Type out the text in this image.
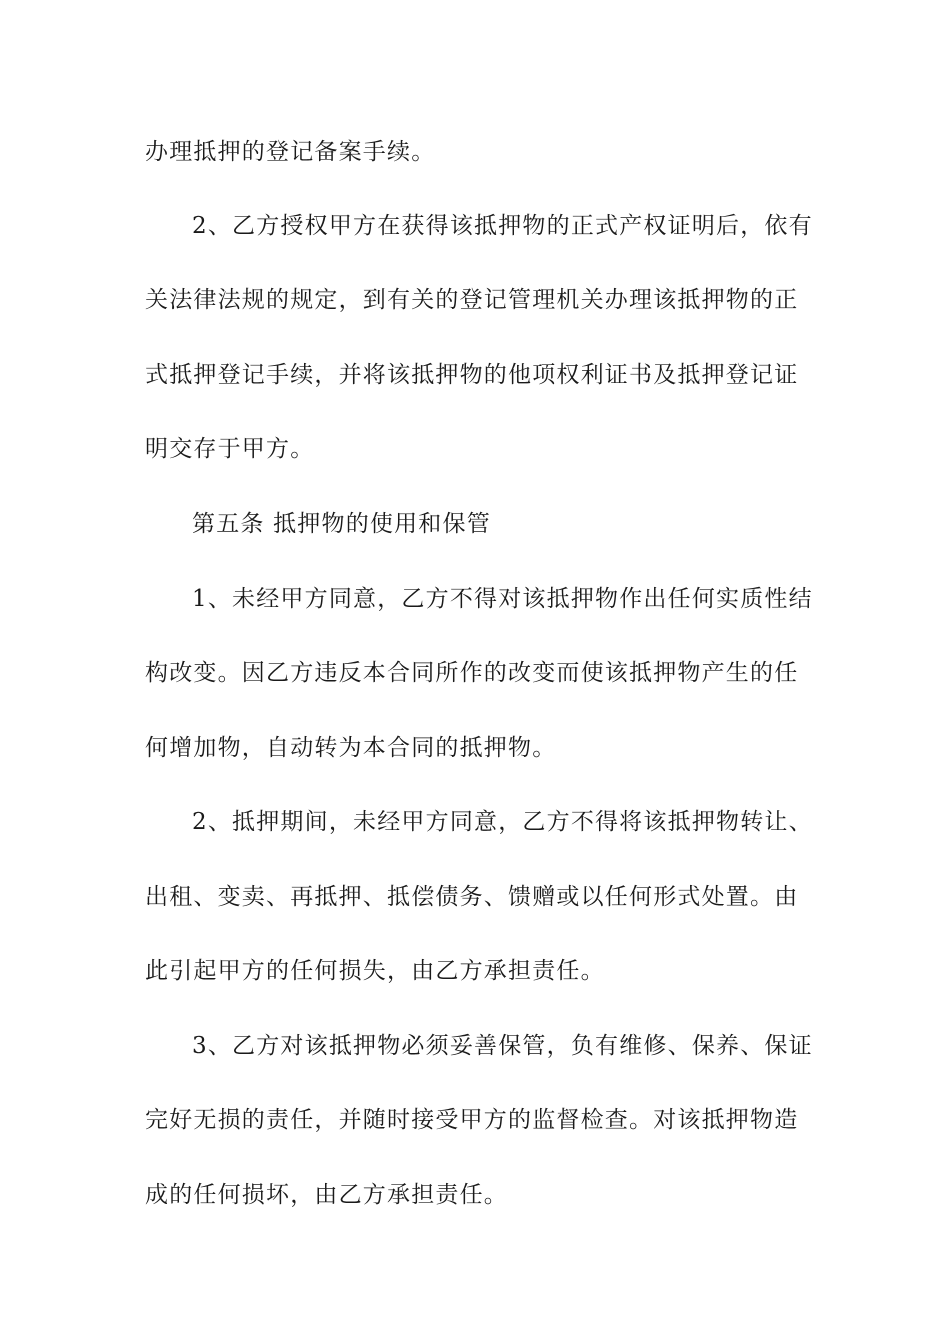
办理抵押的登记备案手续。
2、乙方授权甲方在获得该抵押物的正式产权证明后，依有
关法律法规的规定，到有关的登记管理机关办理该抵押物的正
式抵押登记手续，并将该抵押物的他项权利证书及抵押登记证
明交存于甲方。
第五条 抵押物的使用和保管
1、未经甲方同意，乙方不得对该抵押物作出任何实质性结
构改变。因乙方违反本合同所作的改变而使该抵押物产生的任
何增加物，自动转为本合同的抵押物。
2、抵押期间，未经甲方同意，乙方不得将该抵押物转让、
出租、变卖、再抵押、抵偿债务、馈赠或以任何形式处置。由
此引起甲方的任何损失，由乙方承担责任。
3、乙方对该抵押物必须妥善保管，负有维修、保养、保证
完好无损的责任，并随时接受甲方的监督检查。对该抵押物造
成的任何损坏，由乙方承担责任。
